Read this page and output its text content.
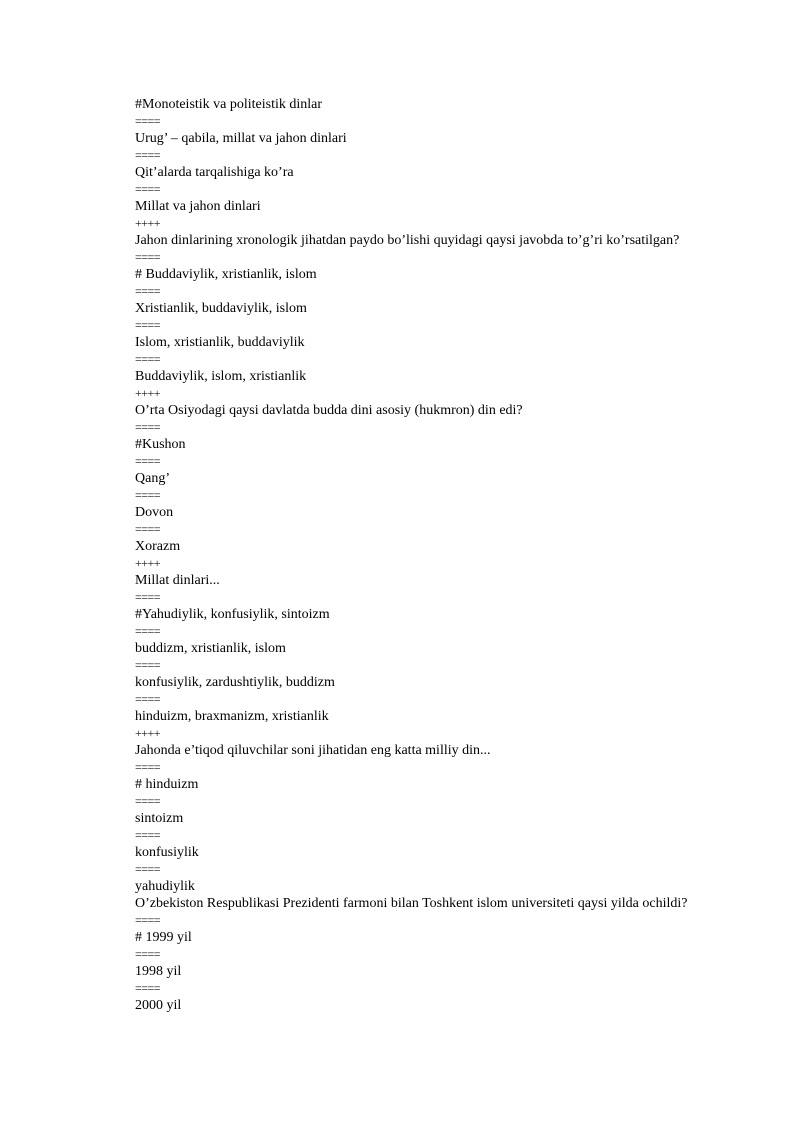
#Monoteistik va politeistik dinlar
====
Urug’ – qabila, millat va jahon dinlari
====
Qit’alarda tarqalishiga ko’ra
====
Millat va jahon dinlari
++++
Jahon dinlarining xronologik jihatdan paydo bo’lishi quyidagi qaysi javobda to’g’ri ko’rsatilgan?
====
# Buddaviylik, xristianlik, islom
====
Xristianlik, buddaviylik, islom
====
Islom, xristianlik, buddaviylik
====
Buddaviylik, islom, xristianlik
++++
O’rta Osiyodagi qaysi davlatda budda dini asosiy (hukmron) din edi?
====
#Kushon
====
Qang’
====
Dovon
====
Xorazm
++++
Millat dinlari...
====
#Yahudiylik, konfusiylik, sintoizm
====
buddizm, xristianlik, islom
====
konfusiylik, zardushtiylik, buddizm
====
hinduizm, braxmanizm, xristianlik
++++
Jahonda e’tiqod qiluvchilar soni jihatidan eng katta milliy din...
====
# hinduizm
====
sintoizm
====
konfusiylik
====
yahudiylik
O’zbekiston Respublikasi Prezidenti farmoni bilan Toshkent islom universiteti qaysi yilda ochildi?
====
# 1999 yil
====
1998 yil
====
2000 yil
